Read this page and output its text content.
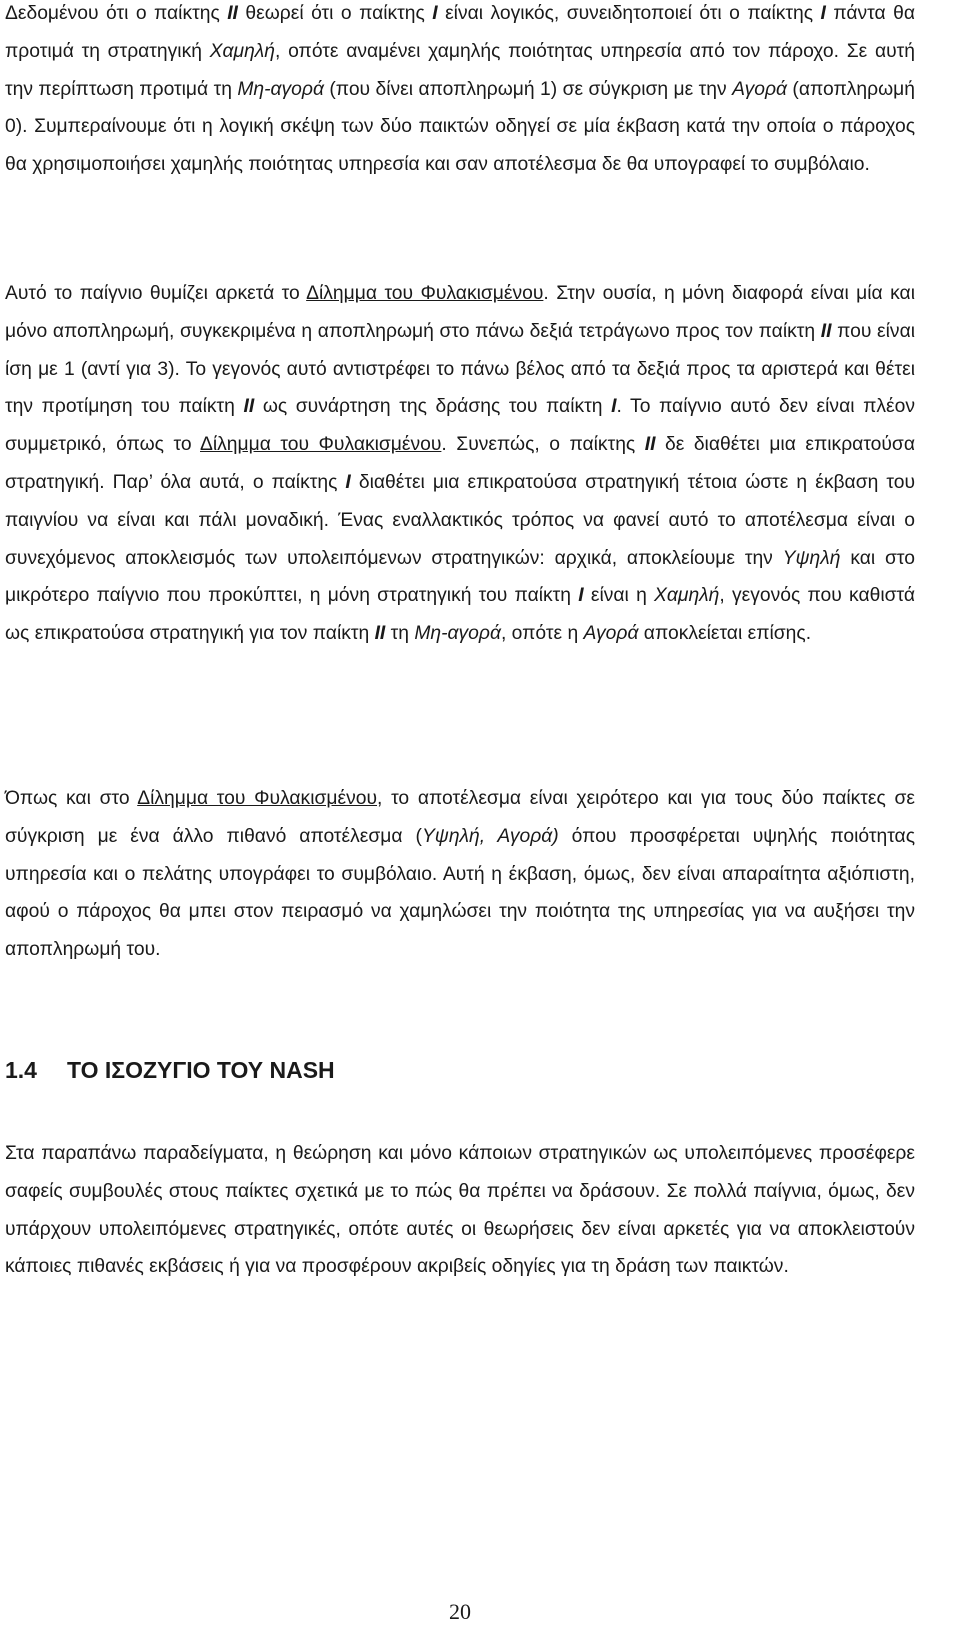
Δεδομένου ότι ο παίκτης ΙΙ θεωρεί ότι ο παίκτης Ι είναι λογικός, συνειδητοποιεί ότι ο παίκτης Ι πάντα θα προτιμά τη στρατηγική Χαμηλή, οπότε αναμένει χαμηλής ποιότητας υπηρεσία από τον πάροχο. Σε αυτή την περίπτωση προτιμά τη Μη-αγορά (που δίνει αποπληρωμή 1) σε σύγκριση με την Αγορά (αποπληρωμή 0). Συμπεραίνουμε ότι η λογική σκέψη των δύο παικτών οδηγεί σε μία έκβαση κατά την οποία ο πάροχος θα χρησιμοποιήσει χαμηλής ποιότητας υπηρεσία και σαν αποτέλεσμα δε θα υπογραφεί το συμβόλαιο.

Αυτό το παίγνιο θυμίζει αρκετά το Δίλημμα του Φυλακισμένου. Στην ουσία, η μόνη διαφορά είναι μία και μόνο αποπληρωμή, συγκεκριμένα η αποπληρωμή στο πάνω δεξιά τετράγωνο προς τον παίκτη ΙΙ που είναι ίση με 1 (αντί για 3). Το γεγονός αυτό αντιστρέφει το πάνω βέλος από τα δεξιά προς τα αριστερά και θέτει την προτίμηση του παίκτη ΙΙ ως συνάρτηση της δράσης του παίκτη Ι. Το παίγνιο αυτό δεν είναι πλέον συμμετρικό, όπως το Δίλημμα του Φυλακισμένου. Συνεπώς, ο παίκτης ΙΙ δε διαθέτει μια επικρατούσα στρατηγική. Παρ’ όλα αυτά, ο παίκτης Ι διαθέτει μια επικρατούσα στρατηγική τέτοια ώστε η έκβαση του παιγνίου να είναι και πάλι μοναδική. Ένας εναλλακτικός τρόπος να φανεί αυτό το αποτέλεσμα είναι ο συνεχόμενος αποκλεισμός των υπολειπόμενων στρατηγικών: αρχικά, αποκλείουμε την Υψηλή και στο μικρότερο παίγνιο που προκύπτει, η μόνη στρατηγική του παίκτη Ι είναι η Χαμηλή, γεγονός που καθιστά ως επικρατούσα στρατηγική για τον παίκτη ΙΙ τη Μη-αγορά, οπότε η Αγορά αποκλείεται επίσης.

Όπως και στο Δίλημμα του Φυλακισμένου, το αποτέλεσμα είναι χειρότερο και για τους δύο παίκτες σε σύγκριση με ένα άλλο πιθανό αποτέλεσμα (Υψηλή, Αγορά) όπου προσφέρεται υψηλής ποιότητας υπηρεσία και ο πελάτης υπογράφει το συμβόλαιο. Αυτή η έκβαση, όμως, δεν είναι απαραίτητα αξιόπιστη, αφού ο πάροχος θα μπει στον πειρασμό να χαμηλώσει την ποιότητα της υπηρεσίας για να αυξήσει την αποπληρωμή του.

1.4 ΤΟ ΙΣΟΖΥΓΙΟ ΤΟΥ NASH

Στα παραπάνω παραδείγματα, η θεώρηση και μόνο κάποιων στρατηγικών ως υπολειπόμενες προσέφερε σαφείς συμβουλές στους παίκτες σχετικά με το πώς θα πρέπει να δράσουν. Σε πολλά παίγνια, όμως, δεν υπάρχουν υπολειπόμενες στρατηγικές, οπότε αυτές οι θεωρήσεις δεν είναι αρκετές για να αποκλειστούν κάποιες πιθανές εκβάσεις ή για να προσφέρουν ακριβείς οδηγίες για τη δράση των παικτών.

20
